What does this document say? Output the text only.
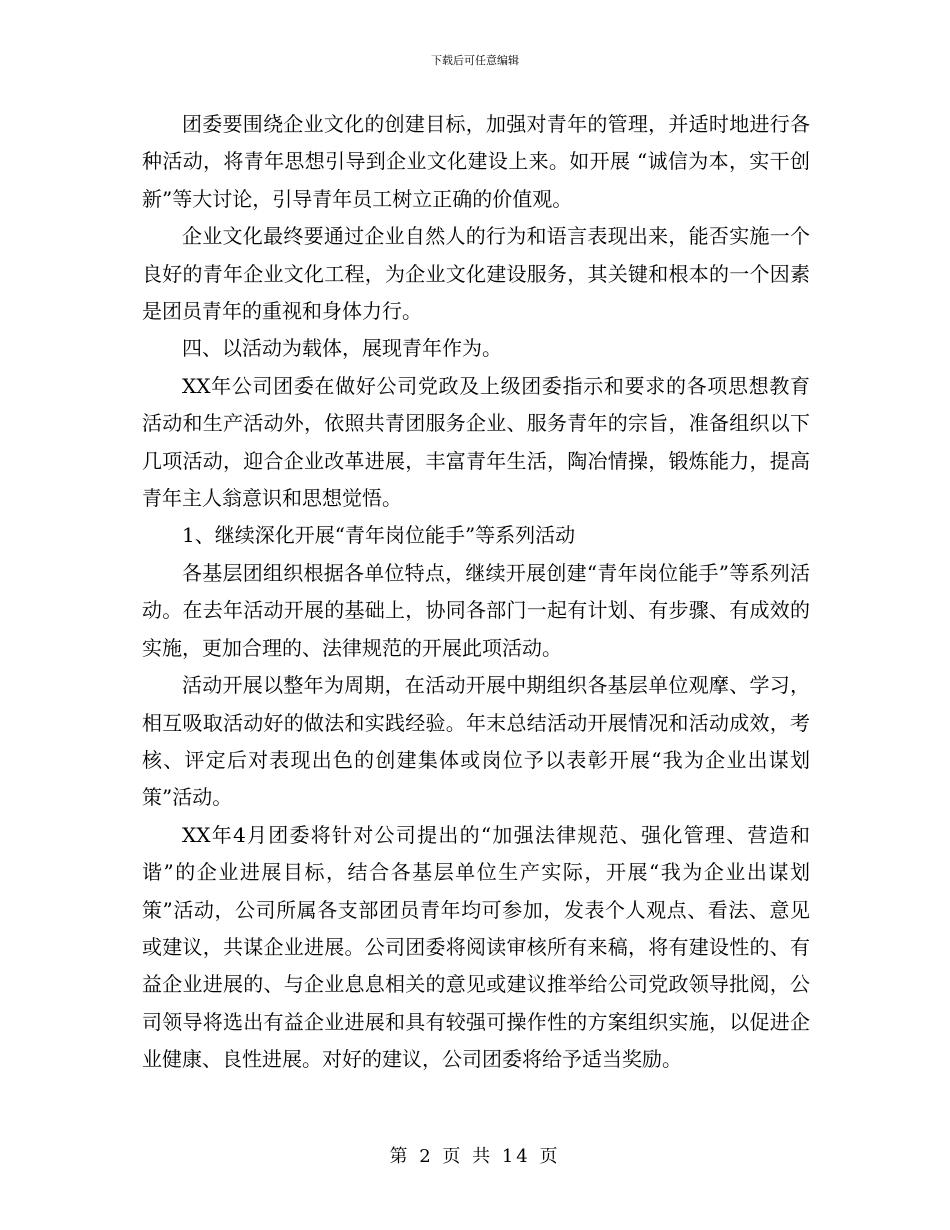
下载后可任意编辑

团委要围绕企业文化的创建目标，加强对青年的管理，并适时地进行各种活动，将青年思想引导到企业文化建设上来。如开展 “诚信为本，实干创新”等大讨论，引导青年员工树立正确的价值观。

企业文化最终要通过企业自然人的行为和语言表现出来，能否实施一个良好的青年企业文化工程，为企业文化建设服务，其关键和根本的一个因素是团员青年的重视和身体力行。

四、以活动为载体，展现青年作为。

XX年公司团委在做好公司党政及上级团委指示和要求的各项思想教育活动和生产活动外，依照共青团服务企业、服务青年的宗旨，准备组织以下几项活动，迎合企业改革进展，丰富青年生活，陶冶情操，锻炼能力，提高青年主人翁意识和思想觉悟。

1、继续深化开展“青年岗位能手”等系列活动

各基层团组织根据各单位特点，继续开展创建“青年岗位能手”等系列活动。在去年活动开展的基础上，协同各部门一起有计划、有步骤、有成效的实施，更加合理的、法律规范的开展此项活动。

活动开展以整年为周期，在活动开展中期组织各基层单位观摩、学习，相互吸取活动好的做法和实践经验。年末总结活动开展情况和活动成效，考核、评定后对表现出色的创建集体或岗位予以表彰开展“我为企业出谋划策”活动。

XX年4月团委将针对公司提出的“加强法律规范、强化管理、营造和谐”的企业进展目标，结合各基层单位生产实际，开展“我为企业出谋划策”活动，公司所属各支部团员青年均可参加，发表个人观点、看法、意见或建议，共谋企业进展。公司团委将阅读审核所有来稿，将有建设性的、有益企业进展的、与企业息息相关的意见或建议推举给公司党政领导批阅，公司领导将选出有益企业进展和具有较强可操作性的方案组织实施，以促进企业健康、良性进展。对好的建议，公司团委将给予适当奖励。

第 2 页 共 14 页
